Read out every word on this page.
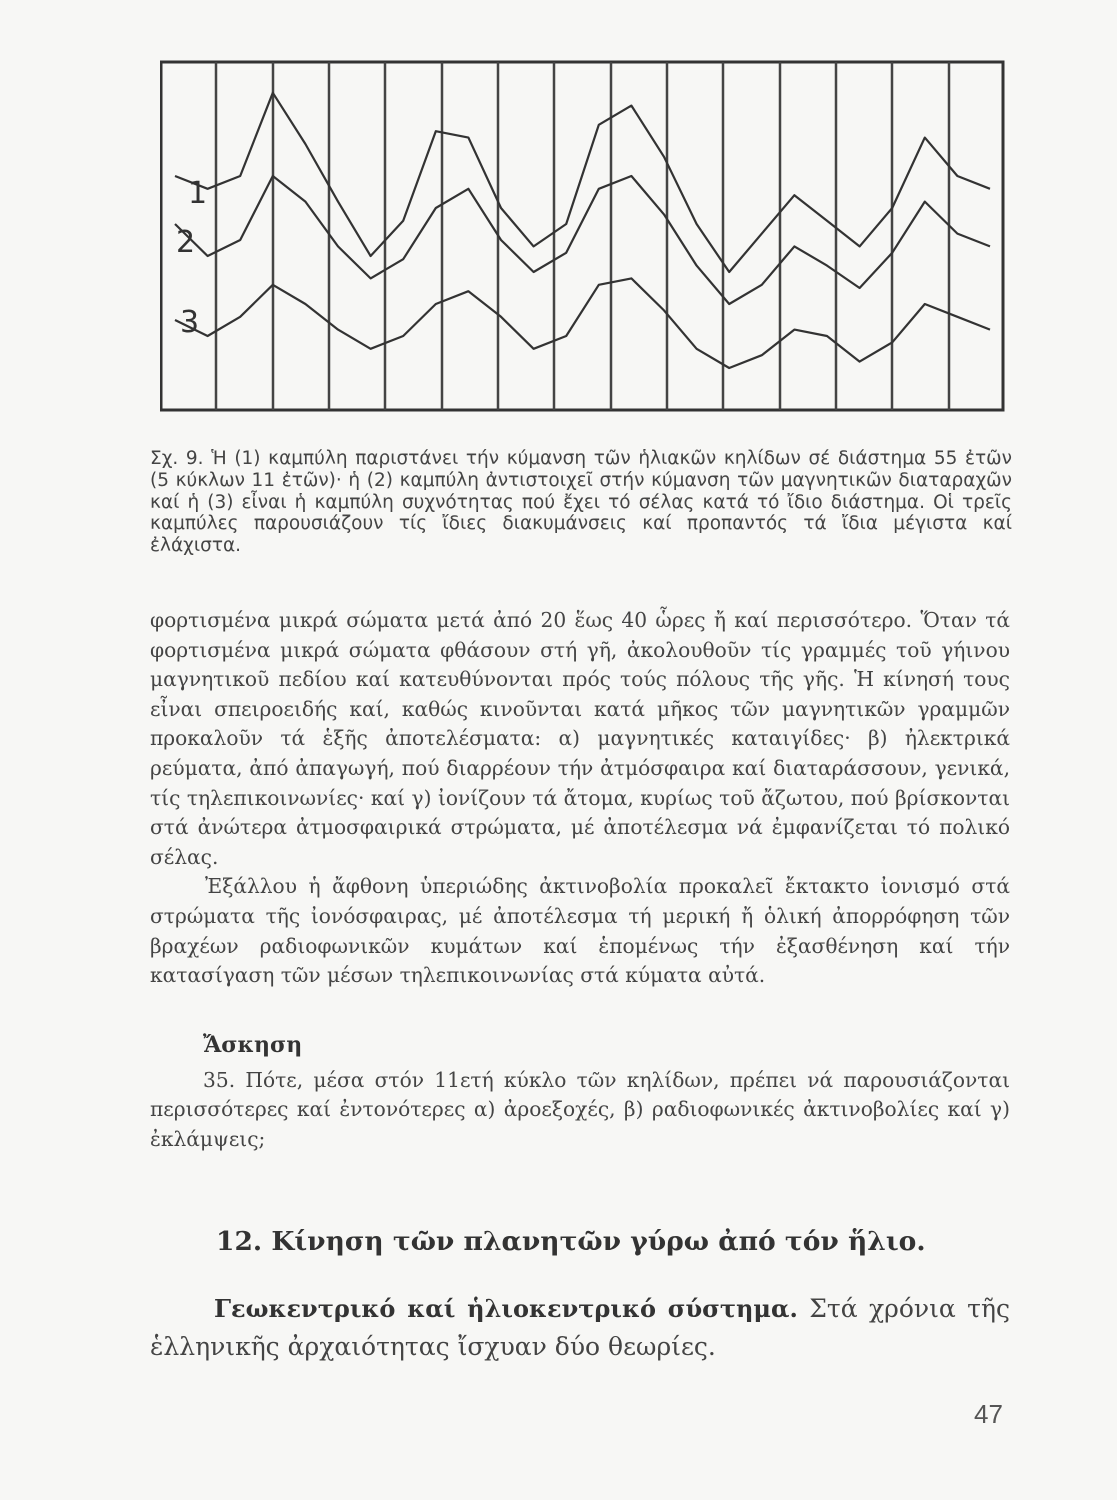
1
2
3

Σχ. 9. Ἡ (1) καμπύλη παριστάνει τήν κύμανση τῶν ἡλιακῶν κηλίδων σέ διάστημα 55 ἐτῶν (5 κύκλων 11 ἐτῶν)· ἡ (2) καμπύλη ἀντιστοιχεῖ στήν κύμανση τῶν μαγνητικῶν διαταραχῶν καί ἡ (3) εἶναι ἡ καμπύλη συχνότητας πού ἔχει τό σέλας κατά τό ἴδιο διάστημα. Οἱ τρεῖς καμπύλες παρουσιάζουν τίς ἴδιες διακυμάνσεις καί προπαντός τά ἴδια μέγιστα καί ἐλάχιστα.

φορτισμένα μικρά σώματα μετά ἀπό 20 ἕως 40 ὧρες ἤ καί περισσότερο. Ὅταν τά φορτισμένα μικρά σώματα φθάσουν στή γῆ, ἀκολουθοῦν τίς γραμμές τοῦ γήινου μαγνητικοῦ πεδίου καί κατευθύνονται πρός τούς πόλους τῆς γῆς. Ἡ κίνησή τους εἶναι σπειροειδής καί, καθώς κινοῦνται κατά μῆκος τῶν μαγνητικῶν γραμμῶν προκαλοῦν τά ἑξῆς ἀποτελέσματα: α) μαγνητικές καταιγίδες· β) ἠλεκτρικά ρεύματα, ἀπό ἀπαγωγή, πού διαρρέουν τήν ἀτμόσφαιρα καί διαταράσσουν, γενικά, τίς τηλεπικοινωνίες· καί γ) ἰονίζουν τά ἄτομα, κυρίως τοῦ ἄζωτου, πού βρίσκονται στά ἀνώτερα ἀτμοσφαιρικά στρώματα, μέ ἀποτέλεσμα νά ἐμφανίζεται τό πολικό σέλας.

Ἐξάλλου ἡ ἄφθονη ὑπεριώδης ἀκτινοβολία προκαλεῖ ἔκτακτο ἰονισμό στά στρώματα τῆς ἰονόσφαιρας, μέ ἀποτέλεσμα τή μερική ἤ ὁλική ἀπορρόφηση τῶν βραχέων ραδιοφωνικῶν κυμάτων καί ἑπομένως τήν ἐξασθένηση καί τήν κατασίγαση τῶν μέσων τηλεπικοινωνίας στά κύματα αὐτά.

Ἄσκηση

35. Πότε, μέσα στόν 11ετή κύκλο τῶν κηλίδων, πρέπει νά παρουσιάζονται περισσότερες καί ἐντονότερες α) ἀροεξοχές, β) ραδιοφωνικές ἀκτινοβολίες καί γ) ἐκλάμψεις;

12. Κίνηση τῶν πλανητῶν γύρω ἀπό τόν ἥλιο.

Γεωκεντρικό καί ἡλιοκεντρικό σύστημα. Στά χρόνια τῆς ἑλληνικῆς ἀρχαιότητας ἴσχυαν δύο θεωρίες.

47
